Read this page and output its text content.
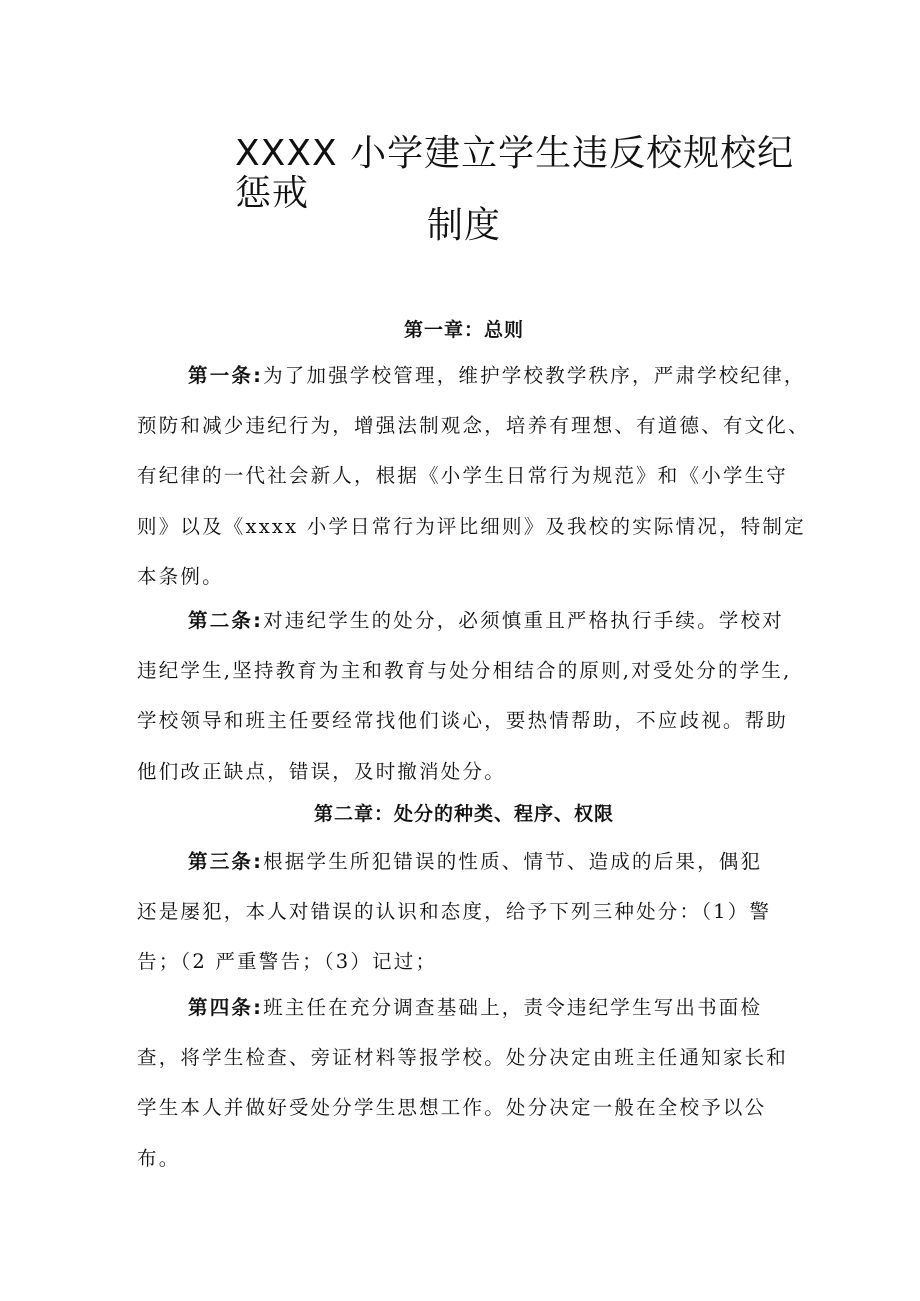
XXXX 小学建立学生违反校规校纪惩戒
制度
第一章：总则
第一条:为了加强学校管理，维护学校教学秩序，严肃学校纪律，
预防和减少违纪行为，增强法制观念，培养有理想、有道德、有文化、
有纪律的一代社会新人，根据《小学生日常行为规范》和《小学生守
则》以及《xxxx 小学日常行为评比细则》及我校的实际情况，特制定
本条例。
第二条:对违纪学生的处分，必须慎重且严格执行手续。学校对
违纪学生,坚持教育为主和教育与处分相结合的原则,对受处分的学生,
学校领导和班主任要经常找他们谈心，要热情帮助，不应歧视。帮助
他们改正缺点，错误，及时撤消处分。
第二章：处分的种类、程序、权限
第三条:根据学生所犯错误的性质、情节、造成的后果，偶犯
还是屡犯，本人对错误的认识和态度，给予下列三种处分：（1）警
告；（2 严重警告；（3）记过；
第四条:班主任在充分调查基础上，责令违纪学生写出书面检
查，将学生检查、旁证材料等报学校。处分决定由班主任通知家长和
学生本人并做好受处分学生思想工作。处分决定一般在全校予以公
布。
